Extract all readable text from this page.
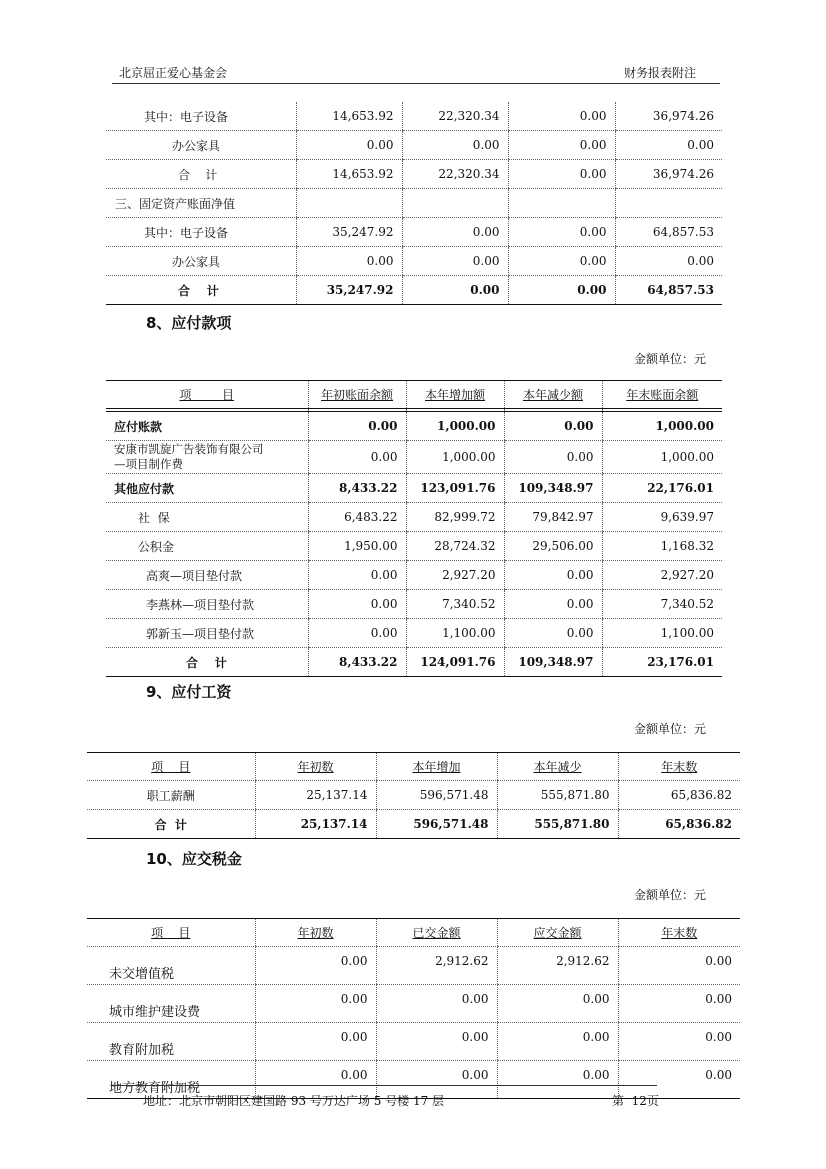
北京屈正爱心基金会	财务报表附注
其中：电子设备	14,653.92	22,320.34	0.00	36,974.26
办公家具	0.00	0.00	0.00	0.00
合    计	14,653.92	22,320.34	0.00	36,974.26
三、固定资产账面净值				
其中：电子设备	35,247.92	0.00	0.00	64,857.53
办公家具	0.00	0.00	0.00	0.00
合    计	35,247.92	0.00	0.00	64,857.53
8、应付款项
金额单位：元
项        目	年初账面余额	本年增加额	本年减少额	年末账面余额

应付账款	0.00	1,000.00	0.00	1,000.00

安康市凯旋广告装饰有限公司
—项目制作费	0.00	1,000.00	0.00	1,000.00
其他应付款	8,433.22	123,091.76	109,348.97	22,176.01
社  保	6,483.22	82,999.72	79,842.97	9,639.97
公积金	1,950.00	28,724.32	29,506.00	1,168.32
高爽—项目垫付款	0.00	2,927.20	0.00	2,927.20
李燕林—项目垫付款	0.00	7,340.52	0.00	7,340.52
郭新玉—项目垫付款	0.00	1,100.00	0.00	1,100.00
合    计	8,433.22	124,091.76	109,348.97	23,176.01
9、应付工资
金额单位：元
项    目	年初数	本年增加	本年减少	年末数
职工薪酬	25,137.14	596,571.48	555,871.80	65,836.82
合  计	25,137.14	596,571.48	555,871.80	65,836.82
10、应交税金
金额单位：元
项    目	年初数	已交金额	应交金额	年末数
未交增值税	0.00	2,912.62	2,912.62	0.00
城市维护建设费	0.00	0.00	0.00	0.00
教育附加税	0.00	0.00	0.00	0.00
地方教育附加税	0.00	0.00	0.00	0.00
地址：北京市朝阳区建国路 93 号万达广场 5 号楼 17 层	第  12页
